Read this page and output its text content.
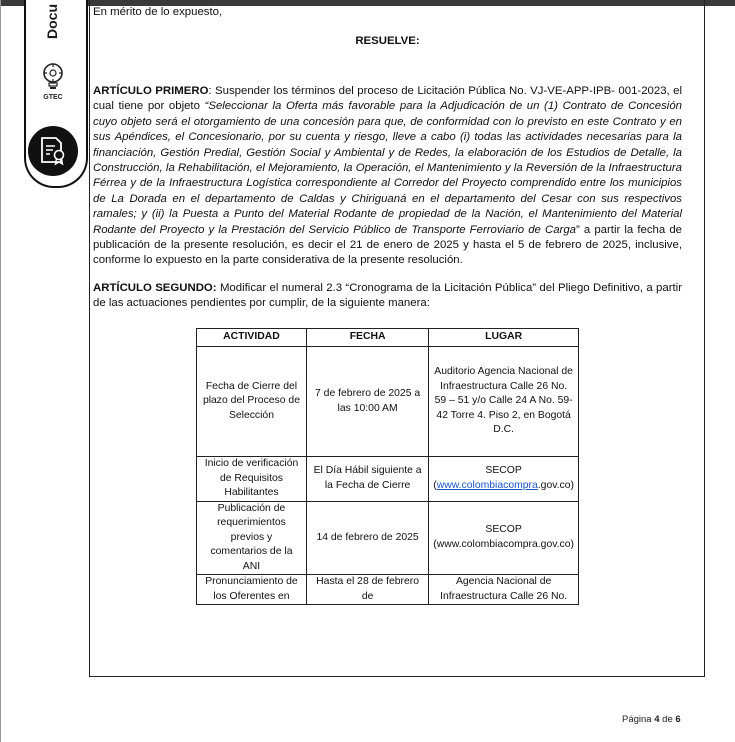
Docu
GTEC
En mérito de lo expuesto,
RESUELVE:
ARTÍCULO PRIMERO: Suspender los términos del proceso de Licitación Pública No. VJ-VE-APP-IPB- 001-2023, el cual tiene por objeto “Seleccionar la Oferta más favorable para la Adjudicación de un (1) Contrato de Concesión cuyo objeto será el otorgamiento de una concesión para que, de conformidad con lo previsto en este Contrato y en sus Apéndices, el Concesionario, por su cuenta y riesgo, lleve a cabo (i) todas las actividades necesarias para la financiación, Gestión Predial, Gestión Social y Ambiental y de Redes, la elaboración de los Estudios de Detalle, la Construcción, la Rehabilitación, el Mejoramiento, la Operación, el Mantenimiento y la Reversión de la Infraestructura Férrea y de la Infraestructura Logística correspondiente al Corredor del Proyecto comprendido entre los municipios de La Dorada en el departamento de Caldas y Chiriguaná en el departamento del Cesar con sus respectivos ramales; y (ii) la Puesta a Punto del Material Rodante de propiedad de la Nación, el Mantenimiento del Material Rodante del Proyecto y la Prestación del Servicio Público de Transporte Ferroviario de Carga” a partir la fecha de publicación de la presente resolución, es decir el 21 de enero de 2025 y hasta el 5 de febrero de 2025, inclusive, conforme lo expuesto en la parte considerativa de la presente resolución.
ARTÍCULO SEGUNDO: Modificar el numeral 2.3 “Cronograma de la Licitación Pública” del Pliego Definitivo, a partir de las actuaciones pendientes por cumplir, de la siguiente manera:
ACTIVIDAD	FECHA	LUGAR
Fecha de Cierre del plazo del Proceso de Selección	7 de febrero de 2025 a las 10:00 AM	Auditorio Agencia Nacional de Infraestructura Calle 26 No. 59 – 51 y/o Calle 24 A No. 59-42 Torre 4. Piso 2, en Bogotá D.C.
Inicio de verificación de Requisitos Habilitantes	El Día Hábil siguiente a la Fecha de Cierre	SECOP (www.colombiacompra.gov.co)
Publicación de requerimientos previos y comentarios de la ANI	14 de febrero de 2025	SECOP (www.colombiacompra.gov.co)
Pronunciamiento de los Oferentes en	Hasta el 28 de febrero de	Agencia Nacional de Infraestructura Calle 26 No.
Página 4 de 6
